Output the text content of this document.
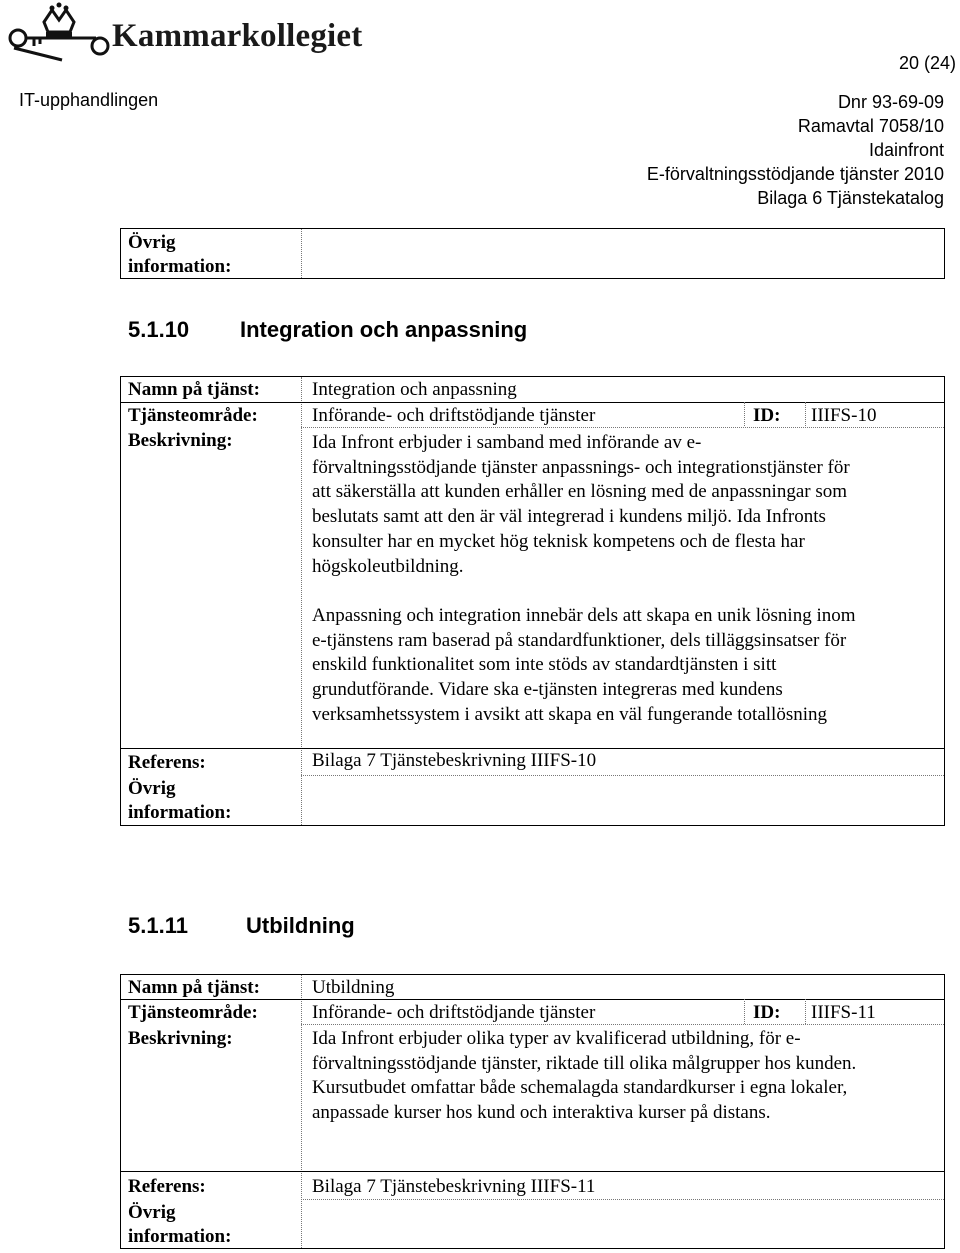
Kammarkollegiet
20 (24)
IT-upphandlingen	Dnr 93-69-09
Ramavtal 7058/10
Idainfront
E-förvaltningsstödjande tjänster 2010
Bilaga 6 Tjänstekatalog
Övrig
information:
5.1.10 Integration och anpassning
Namn på tjänst:	Integration och anpassning
Tjänsteområde:	Införande- och driftstödjande tjänster	ID: IIIFS-10
Beskrivning:	Ida Infront erbjuder i samband med införande av e-
förvaltningsstödjande tjänster anpassnings- och integrationstjänster för
att säkerställa att kunden erhåller en lösning med de anpassningar som
beslutats samt att den är väl integrerad i kundens miljö. Ida Infronts
konsulter har en mycket hög teknisk kompetens och de flesta har
högskoleutbildning.
Anpassning och integration innebär dels att skapa en unik lösning inom
e-tjänstens ram baserad på standardfunktioner, dels tilläggsinsatser för
enskild funktionalitet som inte stöds av standardtjänsten i sitt
grundutförande. Vidare ska e-tjänsten integreras med kundens
verksamhetssystem i avsikt att skapa en väl fungerande totallösning
Referens:	Bilaga 7 Tjänstebeskrivning IIIFS-10
Övrig
information:
5.1.11	Utbildning
Namn på tjänst:	Utbildning
Tjänsteområde:	Införande- och driftstödjande tjänster	ID: IIIFS-11
Beskrivning:	Ida Infront erbjuder olika typer av kvalificerad utbildning, för e-
förvaltningsstödjande tjänster, riktade till olika målgrupper hos kunden.
Kursutbudet omfattar både schemalagda standardkurser i egna lokaler,
anpassade kurser hos kund och interaktiva kurser på distans.
Referens:	Bilaga 7 Tjänstebeskrivning IIIFS-11
Övrig
information:
